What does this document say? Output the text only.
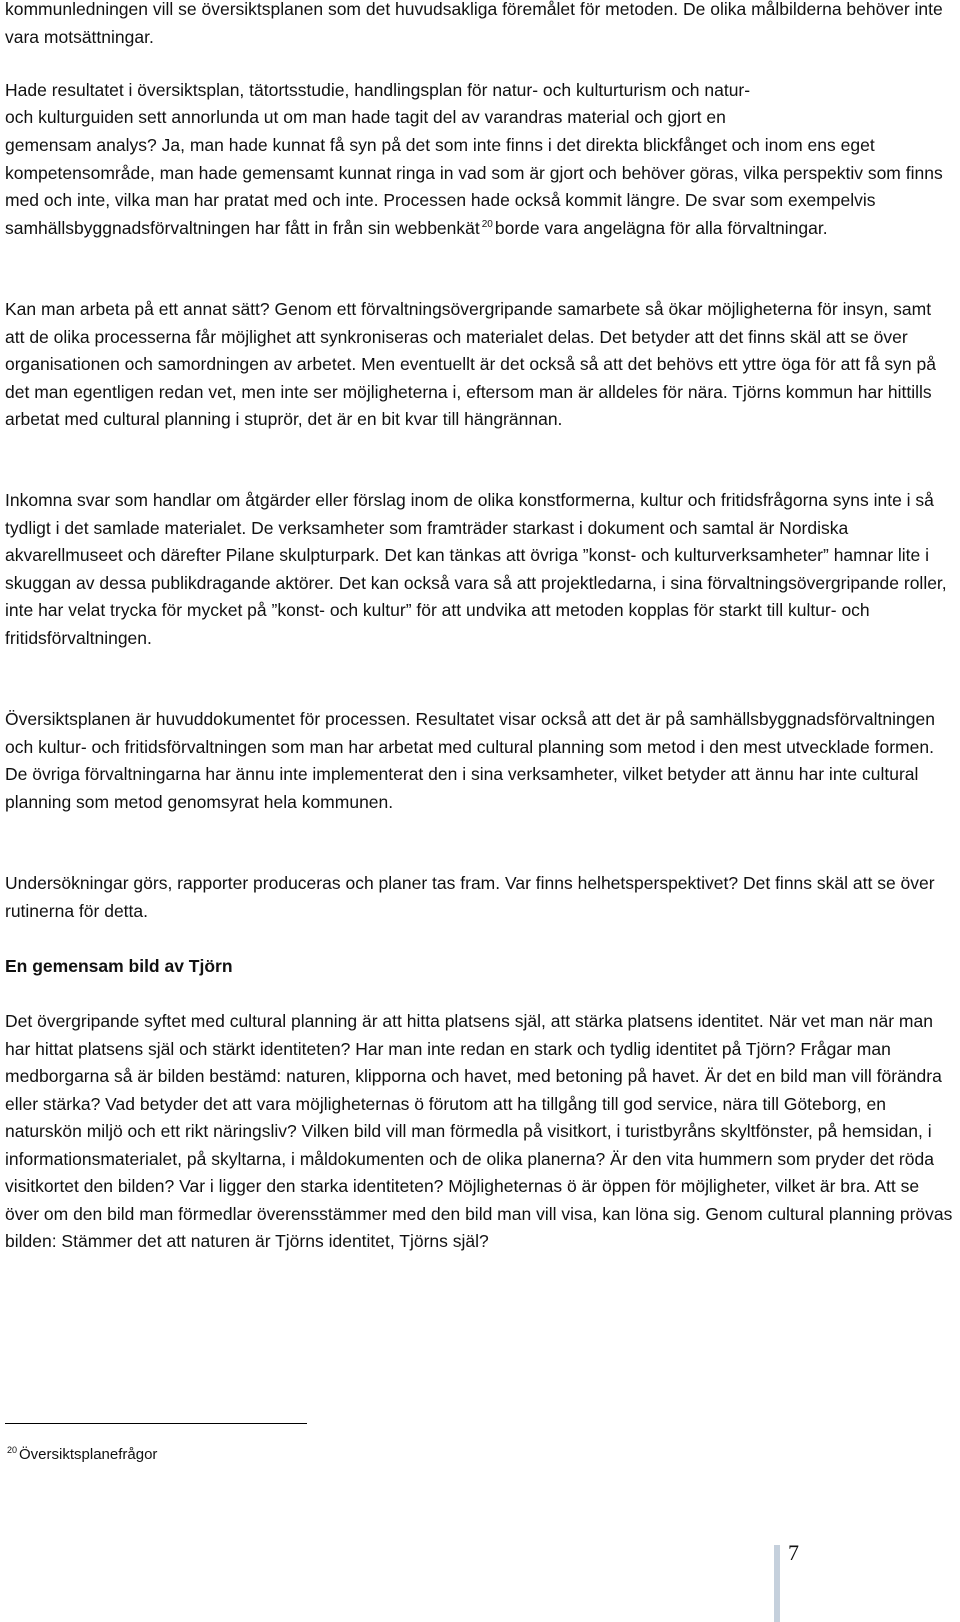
kommunledningen vill se översiktsplanen som det huvudsakliga föremålet för metoden. De olika målbilderna behöver inte vara motsättningar.

Hade resultatet i översiktsplan, tätortsstudie, handlingsplan för natur- och kulturturism och natur-

och kulturguiden sett annorlunda ut om man hade tagit del av varandras material och gjort en

gemensam analys? Ja, man hade kunnat få syn på det som inte finns i det direkta blickfånget och inom ens eget kompetensområde, man hade gemensamt kunnat ringa in vad som är gjort och behöver göras, vilka perspektiv som finns med och inte, vilka man har pratat med och inte. Processen hade också kommit längre. De svar som exempelvis samhällsbyggnadsförvaltningen har fått in från sin webbenkät $^{20}$ borde vara angelägna för alla förvaltningar.

Kan man arbeta på ett annat sätt? Genom ett förvaltningsövergripande samarbete så ökar möjligheterna för insyn, samt att de olika processerna får möjlighet att synkroniseras och materialet delas. Det betyder att det finns skäl att se över organisationen och samordningen av arbetet. Men eventuellt är det också så att det behövs ett yttre öga för att få syn på det man egentligen redan vet, men inte ser möjligheterna i, eftersom man är alldeles för nära. Tjörns kommun har hittills arbetat med cultural planning i stuprör, det är en bit kvar till hängrännan.

Inkomna svar som handlar om åtgärder eller förslag inom de olika konstformerna, kultur och fritidsfrågorna syns inte i så tydligt i det samlade materialet. De verksamheter som framträder starkast i dokument och samtal är Nordiska akvarellmuseet och därefter Pilane skulpturpark. Det kan tänkas att övriga ”konst- och kulturverksamheter” hamnar lite i skuggan av dessa publikdragande aktörer. Det kan också vara så att projektledarna, i sina förvaltningsövergripande roller, inte har velat trycka för mycket på ”konst- och kultur” för att undvika att metoden kopplas för starkt till kultur- och fritidsförvaltningen.

Översiktsplanen är huvuddokumentet för processen. Resultatet visar också att det är på samhällsbyggnadsförvaltningen och kultur- och fritidsförvaltningen som man har arbetat med cultural planning som metod i den mest utvecklade formen. De övriga förvaltningarna har ännu inte implementerat den i sina verksamheter, vilket betyder att ännu har inte cultural planning som metod genomsyrat hela kommunen.

Undersökningar görs, rapporter produceras och planer tas fram. Var finns helhetsperspektivet? Det finns skäl att se över rutinerna för detta.

En gemensam bild av Tjörn

Det övergripande syftet med cultural planning är att hitta platsens själ, att stärka platsens identitet. När vet man när man har hittat platsens själ och stärkt identiteten? Har man inte redan en stark och tydlig identitet på Tjörn? Frågar man medborgarna så är bilden bestämd: naturen, klipporna och havet, med betoning på havet. Är det en bild man vill förändra eller stärka? Vad betyder det att vara möjligheternas ö förutom att ha tillgång till god service, nära till Göteborg, en naturskön miljö och ett rikt näringsliv? Vilken bild vill man förmedla på visitkort, i turistbyråns skyltfönster, på hemsidan, i informationsmaterialet, på skyltarna, i måldokumenten och de olika planerna? Är den vita hummern som pryder det röda visitkortet den bilden? Var i ligger den starka identiteten? Möjligheternas ö är öppen för möjligheter, vilket är bra. Att se över om den bild man förmedlar överensstämmer med den bild man vill visa, kan löna sig. Genom cultural planning prövas bilden: Stämmer det att naturen är Tjörns identitet, Tjörns själ?

$^{20}$ Översiktsplanefrågor
7
